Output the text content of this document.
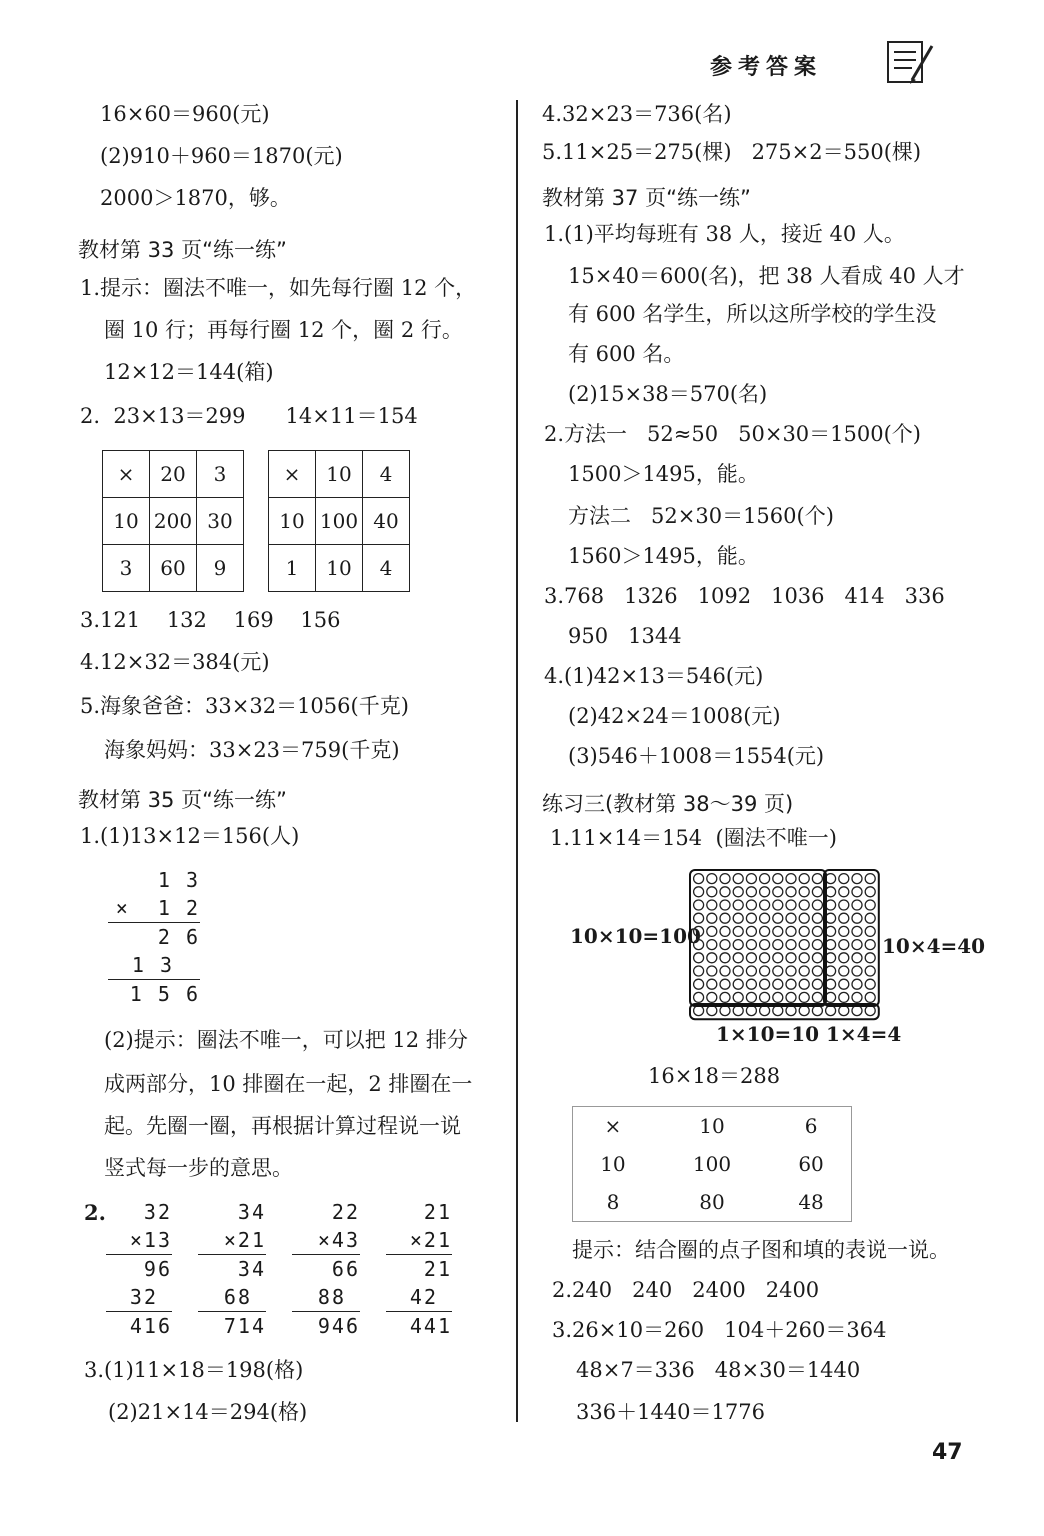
参考答案
16×60＝960(元)
(2)910＋960＝1870(元)
2000＞1870，够。
教材第 33 页“练一练”
1.提示：圈法不唯一，如先每行圈 12 个，
圈 10 行；再每行圈 12 个，圈 2 行。
12×12＝144(箱)
2.  23×13＝299      14×11＝154
×	20	3
10	200	30
3	60	9
×	10	4
10	100	40
1	10	4
3.121    132    169    156
4.12×32＝384(元)
5.海象爸爸：33×32＝1056(千克)
海象妈妈：33×23＝759(千克)
教材第 35 页“练一练”
1.(1)13×12＝156(人)
1 3
×  1 2
2 6
1 3
1 5 6
(2)提示：圈法不唯一，可以把 12 排分
成两部分，10 排圈在一起，2 排圈在一
起。先圈一圈，再根据计算过程说一说
竖式每一步的意思。
2. 32
×13
96
32
416
34
×21
34
68
714
22
×43
66
88
946
21
×21
21
42
441
3.(1)11×18＝198(格)
(2)21×14＝294(格)
4.32×23＝736(名)
5.11×25＝275(棵)   275×2＝550(棵)
教材第 37 页“练一练”
1.(1)平均每班有 38 人，接近 40 人。
15×40＝600(名)，把 38 人看成 40 人才
有 600 名学生，所以这所学校的学生没
有 600 名。
(2)15×38＝570(名)
2.方法一   52≈50   50×30＝1500(个)
1500＞1495，能。
方法二   52×30＝1560(个)
1560＞1495，能。
3.768   1326   1092   1036   414   336
950   1344
4.(1)42×13＝546(元)
(2)42×24＝1008(元)
(3)546＋1008＝1554(元)
练习三(教材第 38～39 页)
1.11×14＝154  (圈法不唯一)
10×10=100	10×4=40
1×10=10 1×4=4
16×18＝288
×	10	6
10	100	60
8	80	48
提示：结合圈的点子图和填的表说一说。
2.240   240   2400   2400
3.26×10＝260   104＋260＝364
48×7＝336   48×30＝1440
336＋1440＝1776
47
